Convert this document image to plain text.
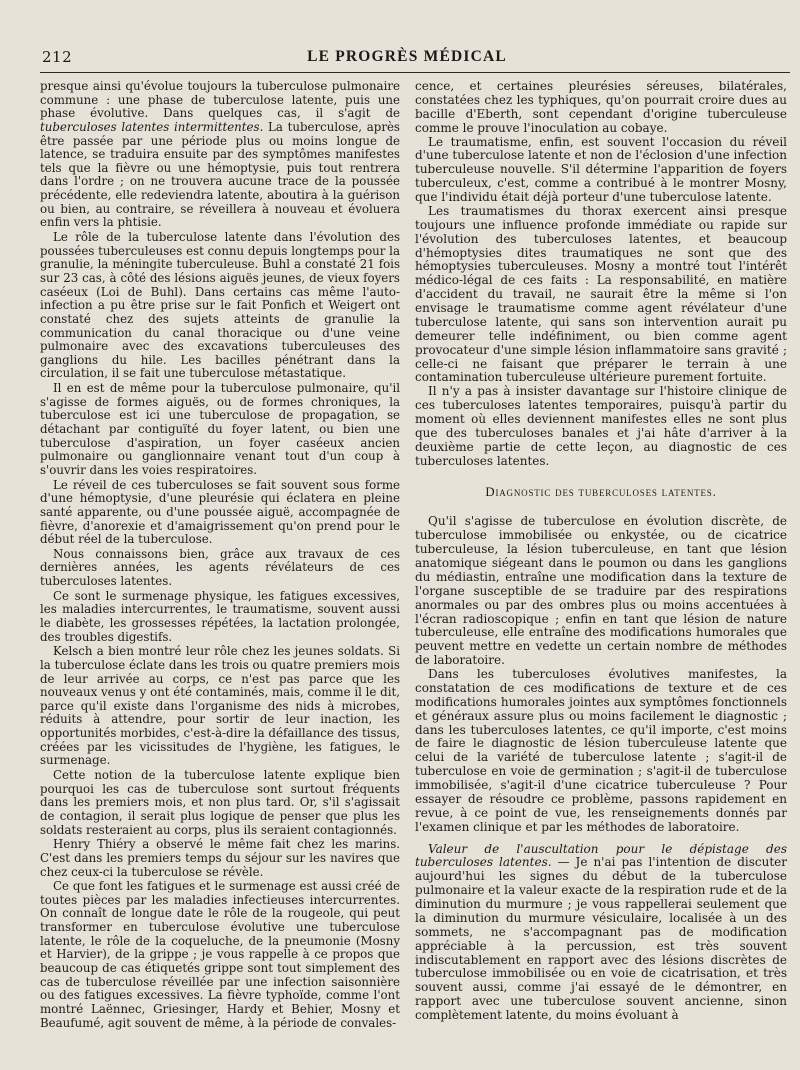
212	LE PROGRÈS MÉDICAL

presque ainsi qu'évolue toujours la tuberculose pulmonaire commune : une phase de tuberculose latente, puis une phase évolutive. Dans quelques cas, il s'agit de tuberculoses latentes intermittentes. La tuberculose, après être passée par une période plus ou moins longue de latence, se traduira ensuite par des symptômes manifestes tels que la fièvre ou une hémoptysie, puis tout rentrera dans l'ordre ; on ne trouvera aucune trace de la poussée précédente, elle redeviendra latente, aboutira à la guérison ou bien, au contraire, se réveillera à nouveau et évoluera enfin vers la phtisie.

Le rôle de la tuberculose latente dans l'évolution des poussées tuberculeuses est connu depuis longtemps pour la granulie, la méningite tuberculeuse. Buhl a constaté 21 fois sur 23 cas, à côté des lésions aiguës jeunes, de vieux foyers caséeux (Loi de Buhl). Dans certains cas même l'auto-infection a pu être prise sur le fait Ponfich et Weigert ont constaté chez des sujets atteints de granulie la communication du canal thoracique ou d'une veine pulmonaire avec des excavations tuberculeuses des ganglions du hile. Les bacilles pénétrant dans la circulation, il se fait une tuberculose métastatique.

Il en est de même pour la tuberculose pulmonaire, qu'il s'agisse de formes aiguës, ou de formes chroniques, la tuberculose est ici une tuberculose de propagation, se détachant par contiguïté du foyer latent, ou bien une tuberculose d'aspiration, un foyer caséeux ancien pulmonaire ou ganglionnaire venant tout d'un coup à s'ouvrir dans les voies respiratoires.

Le réveil de ces tuberculoses se fait souvent sous forme d'une hémoptysie, d'une pleurésie qui éclatera en pleine santé apparente, ou d'une poussée aiguë, accompagnée de fièvre, d'anorexie et d'amaigrissement qu'on prend pour le début réel de la tuberculose.

Nous connaissons bien, grâce aux travaux de ces dernières années, les agents révélateurs de ces tuberculoses latentes.

Ce sont le surmenage physique, les fatigues excessives, les maladies intercurrentes, le traumatisme, souvent aussi le diabète, les grossesses répétées, la lactation prolongée, des troubles digestifs.

Kelsch a bien montré leur rôle chez les jeunes soldats. Si la tuberculose éclate dans les trois ou quatre premiers mois de leur arrivée au corps, ce n'est pas parce que les nouveaux venus y ont été contaminés, mais, comme il le dit, parce qu'il existe dans l'organisme des nids à microbes, réduits à attendre, pour sortir de leur inaction, les opportunités morbides, c'est-à-dire la défaillance des tissus, créées par les vicissitudes de l'hygiène, les fatigues, le surmenage.

Cette notion de la tuberculose latente explique bien pourquoi les cas de tuberculose sont surtout fréquents dans les premiers mois, et non plus tard. Or, s'il s'agissait de contagion, il serait plus logique de penser que plus les soldats resteraient au corps, plus ils seraient contagionnés.

Henry Thiéry a observé le même fait chez les marins. C'est dans les premiers temps du séjour sur les navires que chez ceux-ci la tuberculose se révèle.

Ce que font les fatigues et le surmenage est aussi créé de toutes pièces par les maladies infectieuses intercurrentes. On connaît de longue date le rôle de la rougeole, qui peut transformer en tuberculose évolutive une tuberculose latente, le rôle de la coqueluche, de la pneumonie (Mosny et Harvier), de la grippe ; je vous rappelle à ce propos que beaucoup de cas étiquetés grippe sont tout simplement des cas de tuberculose réveillée par une infection saisonnière ou des fatigues excessives. La fièvre typhoïde, comme l'ont montré Laënnec, Griesinger, Hardy et Behier, Mosny et Beaufumé, agit souvent de même, à la période de convales-

cence, et certaines pleurésies séreuses, bilatérales, constatées chez les typhiques, qu'on pourrait croire dues au bacille d'Eberth, sont cependant d'origine tuberculeuse comme le prouve l'inoculation au cobaye.

Le traumatisme, enfin, est souvent l'occasion du réveil d'une tuberculose latente et non de l'éclosion d'une infection tuberculeuse nouvelle. S'il détermine l'apparition de foyers tuberculeux, c'est, comme a contribué à le montrer Mosny, que l'individu était déjà porteur d'une tuberculose latente.

Les traumatismes du thorax exercent ainsi presque toujours une influence profonde immédiate ou rapide sur l'évolution des tuberculoses latentes, et beaucoup d'hémoptysies dites traumatiques ne sont que des hémoptysies tuberculeuses. Mosny a montré tout l'intérêt médico-légal de ces faits : La responsabilité, en matière d'accident du travail, ne saurait être la même si l'on envisage le traumatisme comme agent révélateur d'une tuberculose latente, qui sans son intervention aurait pu demeurer telle indéfiniment, ou bien comme agent provocateur d'une simple lésion inflammatoire sans gravité ; celle-ci ne faisant que préparer le terrain à une contamination tuberculeuse ultérieure purement fortuite.

Il n'y a pas à insister davantage sur l'histoire clinique de ces tuberculoses latentes temporaires, puisqu'à partir du moment où elles deviennent manifestes elles ne sont plus que des tuberculoses banales et j'ai hâte d'arriver à la deuxième partie de cette leçon, au diagnostic de ces tuberculoses latentes.

Diagnostic des tuberculoses latentes.

Qu'il s'agisse de tuberculose en évolution discrète, de tuberculose immobilisée ou enkystée, ou de cicatrice tuberculeuse, la lésion tuberculeuse, en tant que lésion anatomique siégeant dans le poumon ou dans les ganglions du médiastin, entraîne une modification dans la texture de l'organe susceptible de se traduire par des respirations anormales ou par des ombres plus ou moins accentuées à l'écran radioscopique ; enfin en tant que lésion de nature tuberculeuse, elle entraîne des modifications humorales que peuvent mettre en vedette un certain nombre de méthodes de laboratoire.

Dans les tuberculoses évolutives manifestes, la constatation de ces modifications de texture et de ces modifications humorales jointes aux symptômes fonctionnels et généraux assure plus ou moins facilement le diagnostic ; dans les tuberculoses latentes, ce qu'il importe, c'est moins de faire le diagnostic de lésion tuberculeuse latente que celui de la variété de tuberculose latente ; s'agit-il de tuberculose en voie de germination ; s'agit-il de tuberculose immobilisée, s'agit-il d'une cicatrice tuberculeuse ? Pour essayer de résoudre ce problème, passons rapidement en revue, à ce point de vue, les renseignements donnés par l'examen clinique et par les méthodes de laboratoire.

Valeur de l'auscultation pour le dépistage des tuberculoses latentes. — Je n'ai pas l'intention de discuter aujourd'hui les signes du début de la tuberculose pulmonaire et la valeur exacte de la respiration rude et de la diminution du murmure ; je vous rappellerai seulement que la diminution du murmure vésiculaire, localisée à un des sommets, ne s'accompagnant pas de modification appréciable à la percussion, est très souvent indiscutablement en rapport avec des lésions discrètes de tuberculose immobilisée ou en voie de cicatrisation, et très souvent aussi, comme j'ai essayé de le démontrer, en rapport avec une tuberculose souvent ancienne, sinon complètement latente, du moins évoluant à
